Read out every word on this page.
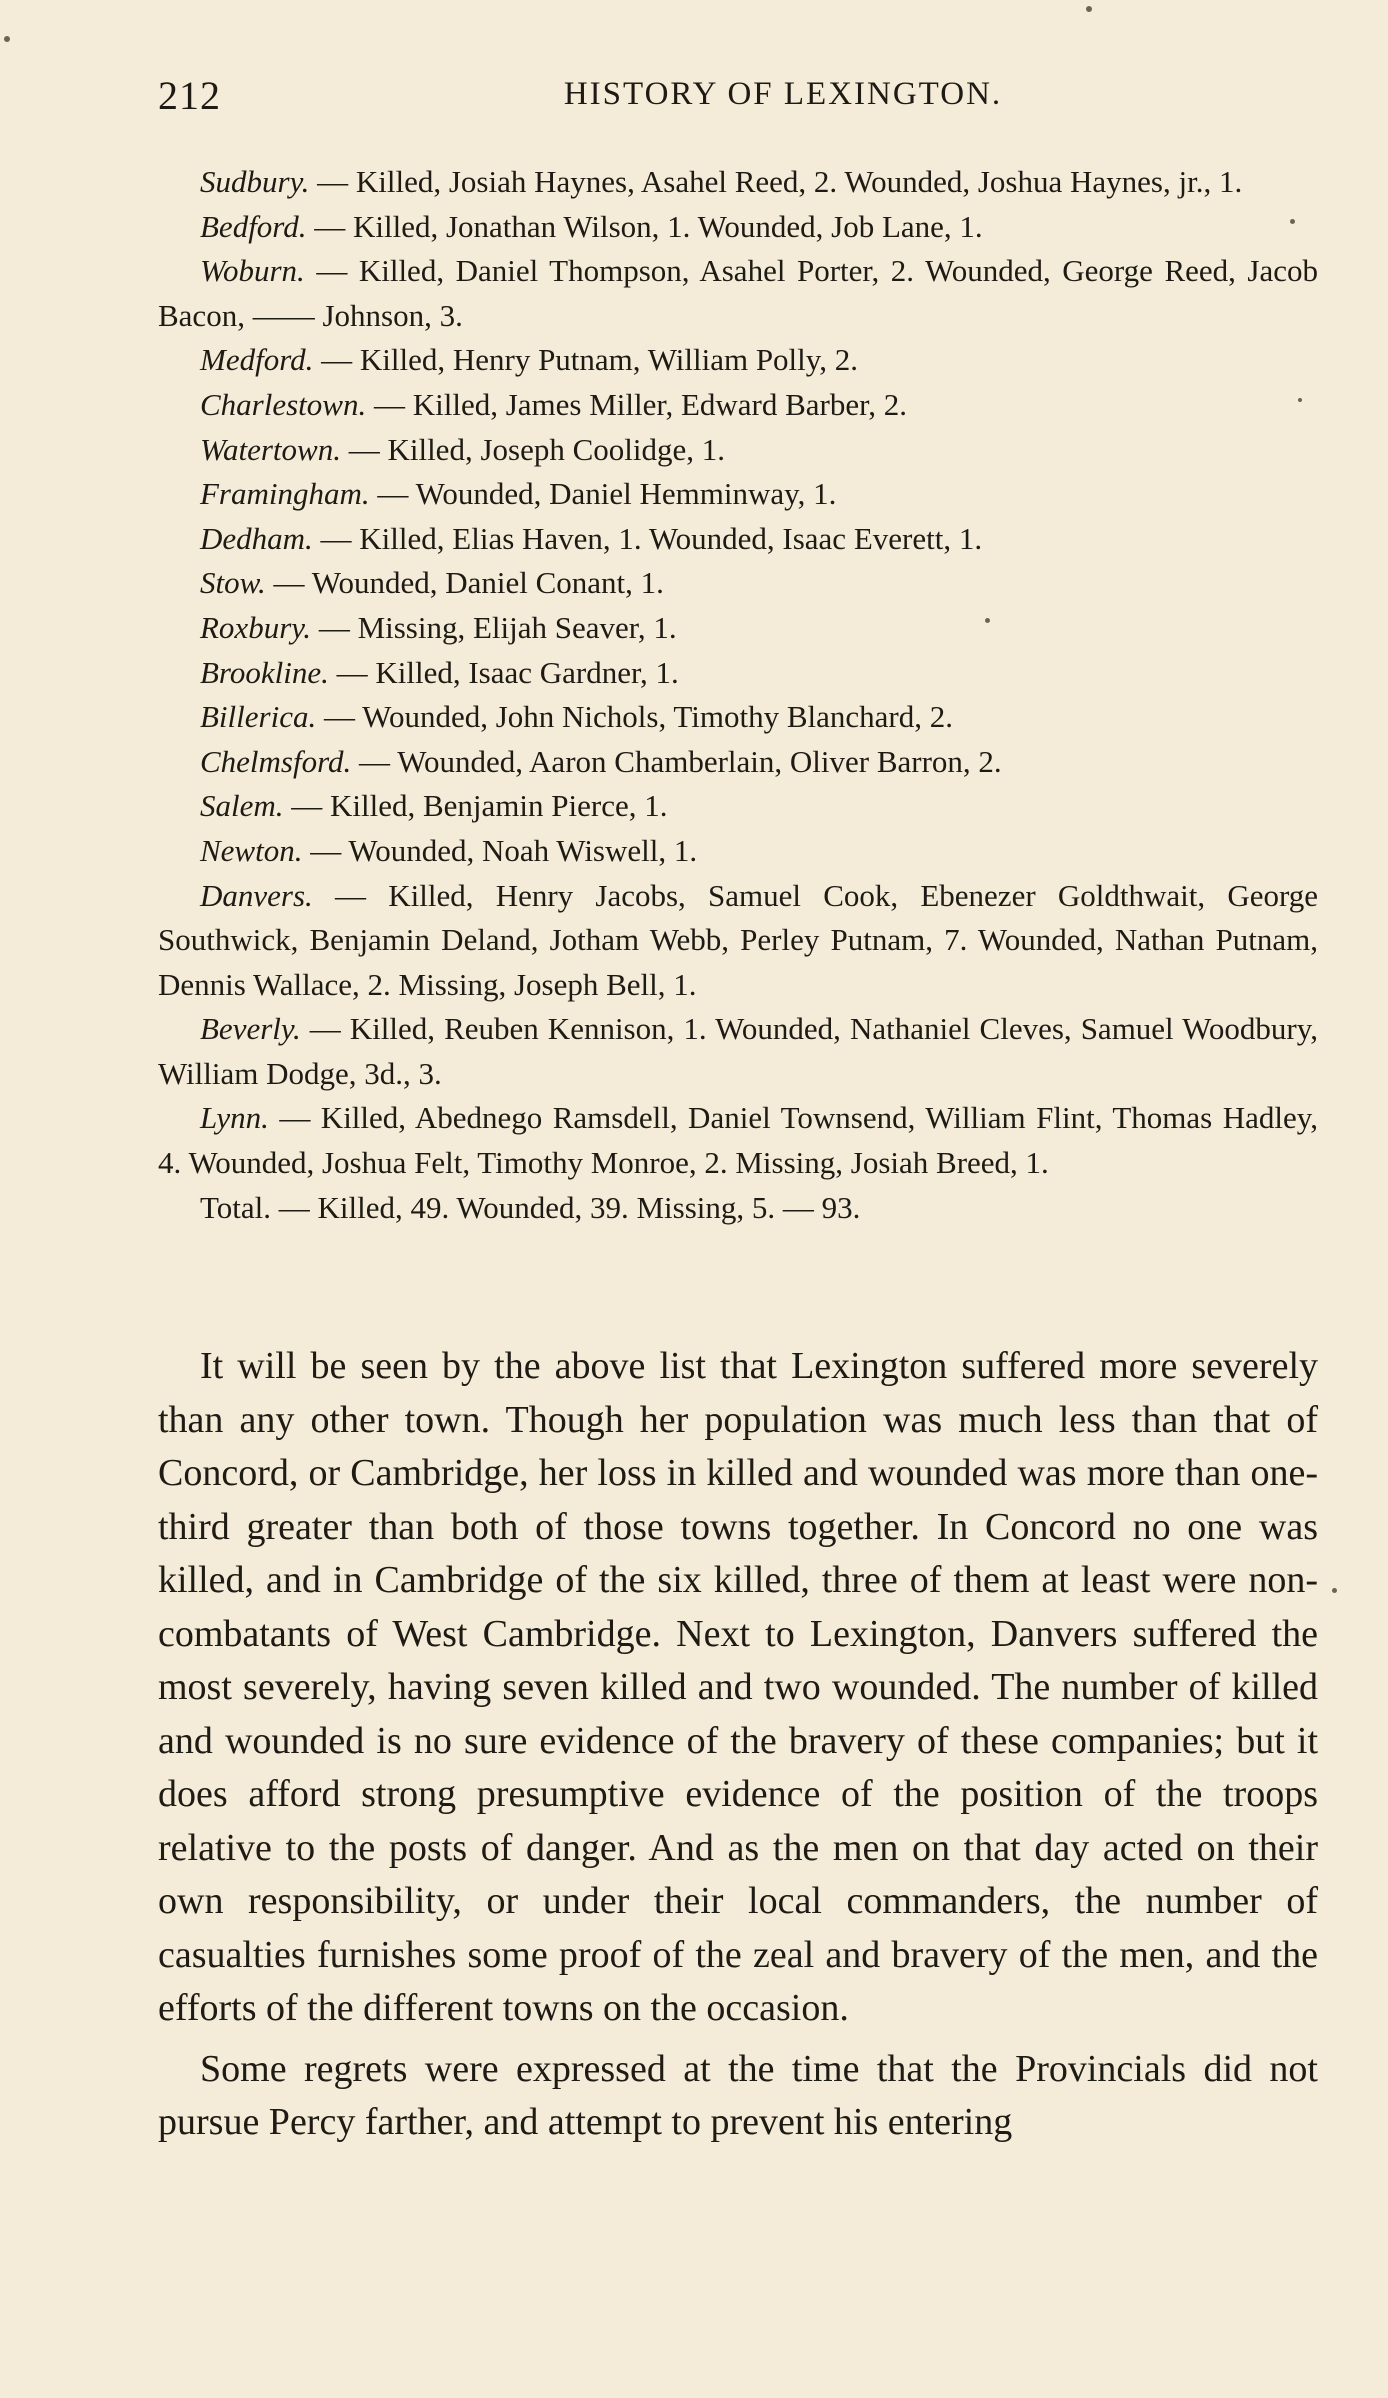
212	HISTORY OF LEXINGTON.

Sudbury. — Killed, Josiah Haynes, Asahel Reed, 2. Wounded, Joshua Haynes, jr., 1.

Bedford. — Killed, Jonathan Wilson, 1. Wounded, Job Lane, 1.

Woburn. — Killed, Daniel Thompson, Asahel Porter, 2. Wounded, George Reed, Jacob Bacon, —— Johnson, 3.

Medford. — Killed, Henry Putnam, William Polly, 2.

Charlestown. — Killed, James Miller, Edward Barber, 2.

Watertown. — Killed, Joseph Coolidge, 1.

Framingham. — Wounded, Daniel Hemminway, 1.

Dedham. — Killed, Elias Haven, 1. Wounded, Isaac Everett, 1.

Stow. — Wounded, Daniel Conant, 1.

Roxbury. — Missing, Elijah Seaver, 1.

Brookline. — Killed, Isaac Gardner, 1.

Billerica. — Wounded, John Nichols, Timothy Blanchard, 2.

Chelmsford. — Wounded, Aaron Chamberlain, Oliver Barron, 2.

Salem. — Killed, Benjamin Pierce, 1.

Newton. — Wounded, Noah Wiswell, 1.

Danvers. — Killed, Henry Jacobs, Samuel Cook, Ebenezer Goldthwait, George Southwick, Benjamin Deland, Jotham Webb, Perley Putnam, 7. Wounded, Nathan Putnam, Dennis Wallace, 2. Missing, Joseph Bell, 1.

Beverly. — Killed, Reuben Kennison, 1. Wounded, Nathaniel Cleves, Samuel Woodbury, William Dodge, 3d., 3.

Lynn. — Killed, Abednego Ramsdell, Daniel Townsend, William Flint, Thomas Hadley, 4. Wounded, Joshua Felt, Timothy Monroe, 2. Missing, Josiah Breed, 1.

Total. — Killed, 49. Wounded, 39. Missing, 5. — 93.

It will be seen by the above list that Lexington suffered more severely than any other town. Though her population was much less than that of Concord, or Cambridge, her loss in killed and wounded was more than one-third greater than both of those towns together. In Concord no one was killed, and in Cambridge of the six killed, three of them at least were non-combatants of West Cambridge. Next to Lexington, Danvers suffered the most severely, having seven killed and two wounded. The number of killed and wounded is no sure evidence of the bravery of these companies; but it does afford strong presumptive evidence of the position of the troops relative to the posts of danger. And as the men on that day acted on their own responsibility, or under their local commanders, the number of casualties furnishes some proof of the zeal and bravery of the men, and the efforts of the different towns on the occasion.

Some regrets were expressed at the time that the Provincials did not pursue Percy farther, and attempt to prevent his entering
